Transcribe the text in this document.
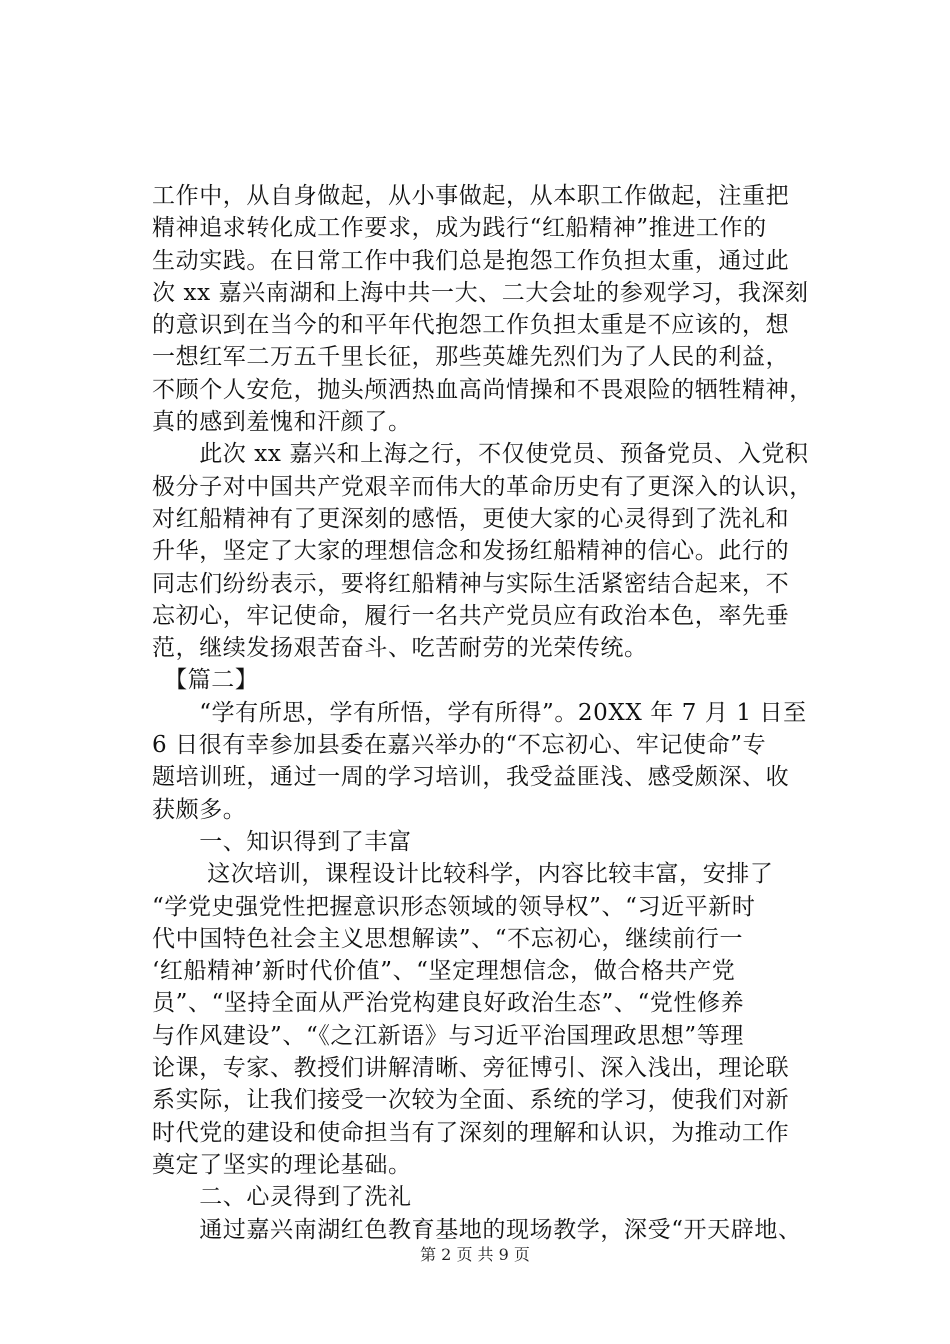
工作中，从自身做起，从小事做起，从本职工作做起，注重把
精神追求转化成工作要求，成为践行“红船精神”推进工作的
生动实践。在日常工作中我们总是抱怨工作负担太重，通过此
次 xx 嘉兴南湖和上海中共一大、二大会址的参观学习，我深刻
的意识到在当今的和平年代抱怨工作负担太重是不应该的，想
一想红军二万五千里长征，那些英雄先烈们为了人民的利益，
不顾个人安危，抛头颅洒热血高尚情操和不畏艰险的牺牲精神，
真的感到羞愧和汗颜了。
　　此次 xx 嘉兴和上海之行，不仅使党员、预备党员、入党积
极分子对中国共产党艰辛而伟大的革命历史有了更深入的认识，
对红船精神有了更深刻的感悟，更使大家的心灵得到了洗礼和
升华，坚定了大家的理想信念和发扬红船精神的信心。此行的
同志们纷纷表示，要将红船精神与实际生活紧密结合起来，不
忘初心，牢记使命，履行一名共产党员应有政治本色，率先垂
范，继续发扬艰苦奋斗、吃苦耐劳的光荣传统。
　【篇二】
　　“学有所思，学有所悟，学有所得”。20XX 年 7 月 1 日至
6 日很有幸参加县委在嘉兴举办的“不忘初心、牢记使命”专
题培训班，通过一周的学习培训，我受益匪浅、感受颇深、收
获颇多。
　　一、知识得到了丰富
　　 这次培训，课程设计比较科学，内容比较丰富，安排了
“学党史强党性把握意识形态领域的领导权”、“习近平新时
代中国特色社会主义思想解读”、“不忘初心，继续前行一
‘红船精神’新时代价值”、“坚定理想信念，做合格共产党
员”、“坚持全面从严治党构建良好政治生态”、“党性修养
与作风建设”、“《之江新语》与习近平治国理政思想”等理
论课，专家、教授们讲解清晰、旁征博引、深入浅出，理论联
系实际，让我们接受一次较为全面、系统的学习，使我们对新
时代党的建设和使命担当有了深刻的理解和认识，为推动工作
奠定了坚实的理论基础。
　　二、心灵得到了洗礼
　　通过嘉兴南湖红色教育基地的现场教学，深受“开天辟地、
第 2 页 共 9 页
